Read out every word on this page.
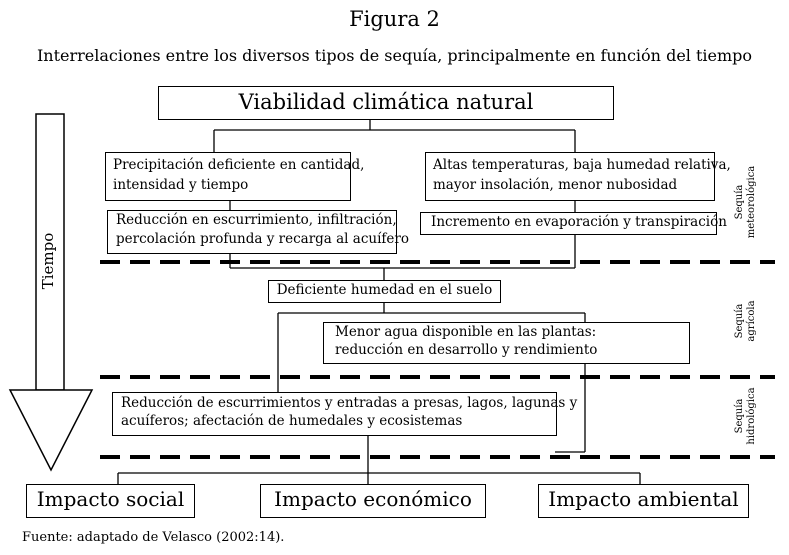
Figura 2
Interrelaciones entre los diversos tipos de sequía, principalmente en función del tiempo
Tiempo
Viabilidad climática natural
Precipitación deficiente en cantidad,
intensidad y tiempo
Altas temperaturas, baja humedad relativa,
mayor insolación, menor nubosidad
Reducción en escurrimiento, infiltración,
percolación profunda y recarga al acuífero
Incremento en evaporación y transpiración
Deficiente humedad en el suelo
Menor agua disponible en las plantas:
reducción en desarrollo y rendimiento
Reducción de escurrimientos y entradas a presas, lagos, lagunas y
acuíferos; afectación de humedales y ecosistemas
Impacto social	Impacto económico	Impacto ambiental
Sequía meteorológica
Sequía agrícola
Sequía hidrológica
Fuente: adaptado de Velasco (2002:14).
